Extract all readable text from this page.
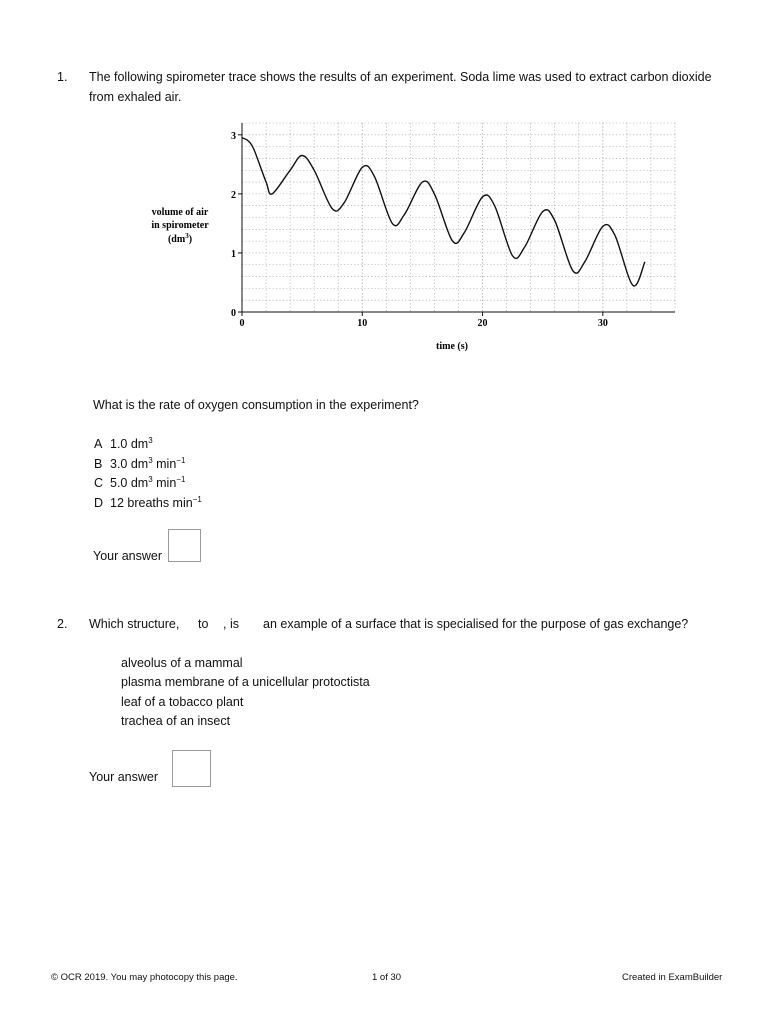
1. The following spirometer trace shows the results of an experiment. Soda lime was used to extract carbon dioxide
from exhaled air.
0	10	20	30
0
1
2
3
volume of air
in spirometer
$(dm^3)$
time (s)
What is the rate of oxygen consumption in the experiment?
A 1.0 $dm^3$
B 3.0 $dm^3$ $\min^{-1}$
C 5.0 $dm^3$ $\min^{-1}$
D 12 breaths $\min^{-1}$
Your answer
2. Which structure, to , is an example of a surface that is specialised for the purpose of gas exchange?
alveolus of a mammal
plasma membrane of a unicellular protoctista
leaf of a tobacco plant
trachea of an insect
Your answer
© OCR 2019. You may photocopy this page.	1 of 30	Created in ExamBuilder
